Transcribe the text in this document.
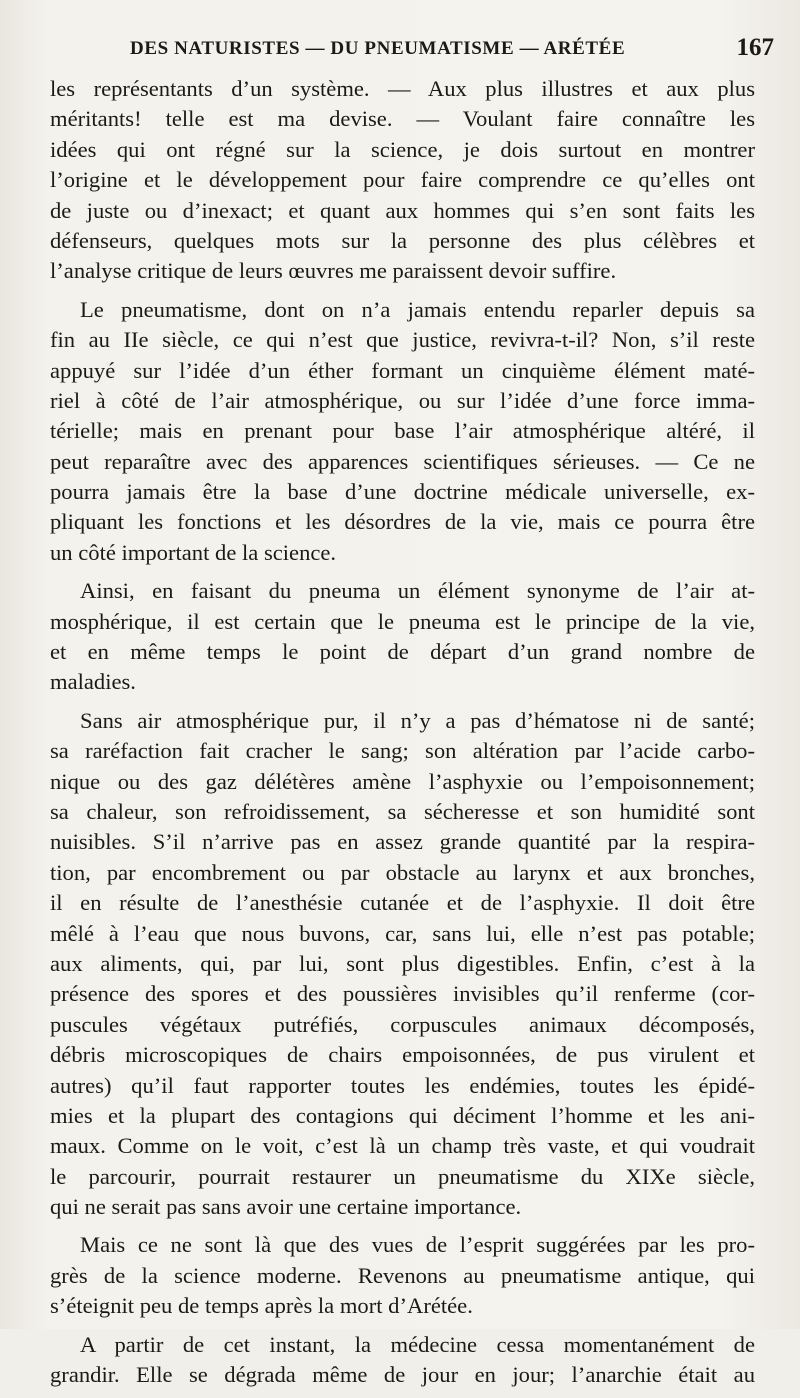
DES NATURISTES — DU PNEUMATISME — ARÉTÉE	167
les représentants d’un système. — Aux plus illustres et aux plus
méritants! telle est ma devise. — Voulant faire connaître les
idées qui ont régné sur la science, je dois surtout en montrer
l’origine et le développement pour faire comprendre ce qu’elles ont
de juste ou d’inexact; et quant aux hommes qui s’en sont faits les
défenseurs, quelques mots sur la personne des plus célèbres et
l’analyse critique de leurs œuvres me paraissent devoir suffire.
Le pneumatisme, dont on n’a jamais entendu reparler depuis sa
fin au IIe siècle, ce qui n’est que justice, revivra-t-il? Non, s’il reste
appuyé sur l’idée d’un éther formant un cinquième élément maté-
riel à côté de l’air atmosphérique, ou sur l’idée d’une force imma-
térielle; mais en prenant pour base l’air atmosphérique altéré, il
peut reparaître avec des apparences scientifiques sérieuses. — Ce ne
pourra jamais être la base d’une doctrine médicale universelle, ex-
pliquant les fonctions et les désordres de la vie, mais ce pourra être
un côté important de la science.
Ainsi, en faisant du pneuma un élément synonyme de l’air at-
mosphérique, il est certain que le pneuma est le principe de la vie,
et en même temps le point de départ d’un grand nombre de
maladies.
Sans air atmosphérique pur, il n’y a pas d’hématose ni de santé;
sa raréfaction fait cracher le sang; son altération par l’acide carbo-
nique ou des gaz délétères amène l’asphyxie ou l’empoisonnement;
sa chaleur, son refroidissement, sa sécheresse et son humidité sont
nuisibles. S’il n’arrive pas en assez grande quantité par la respira-
tion, par encombrement ou par obstacle au larynx et aux bronches,
il en résulte de l’anesthésie cutanée et de l’asphyxie. Il doit être
mêlé à l’eau que nous buvons, car, sans lui, elle n’est pas potable;
aux aliments, qui, par lui, sont plus digestibles. Enfin, c’est à la
présence des spores et des poussières invisibles qu’il renferme (cor-
puscules végétaux putréfiés, corpuscules animaux décomposés,
débris microscopiques de chairs empoisonnées, de pus virulent et
autres) qu’il faut rapporter toutes les endémies, toutes les épidé-
mies et la plupart des contagions qui déciment l’homme et les ani-
maux. Comme on le voit, c’est là un champ très vaste, et qui voudrait
le parcourir, pourrait restaurer un pneumatisme du XIXe siècle,
qui ne serait pas sans avoir une certaine importance.
Mais ce ne sont là que des vues de l’esprit suggérées par les pro-
grès de la science moderne. Revenons au pneumatisme antique, qui
s’éteignit peu de temps après la mort d’Arétée.
A partir de cet instant, la médecine cessa momentanément de
grandir. Elle se dégrada même de jour en jour; l’anarchie était au
